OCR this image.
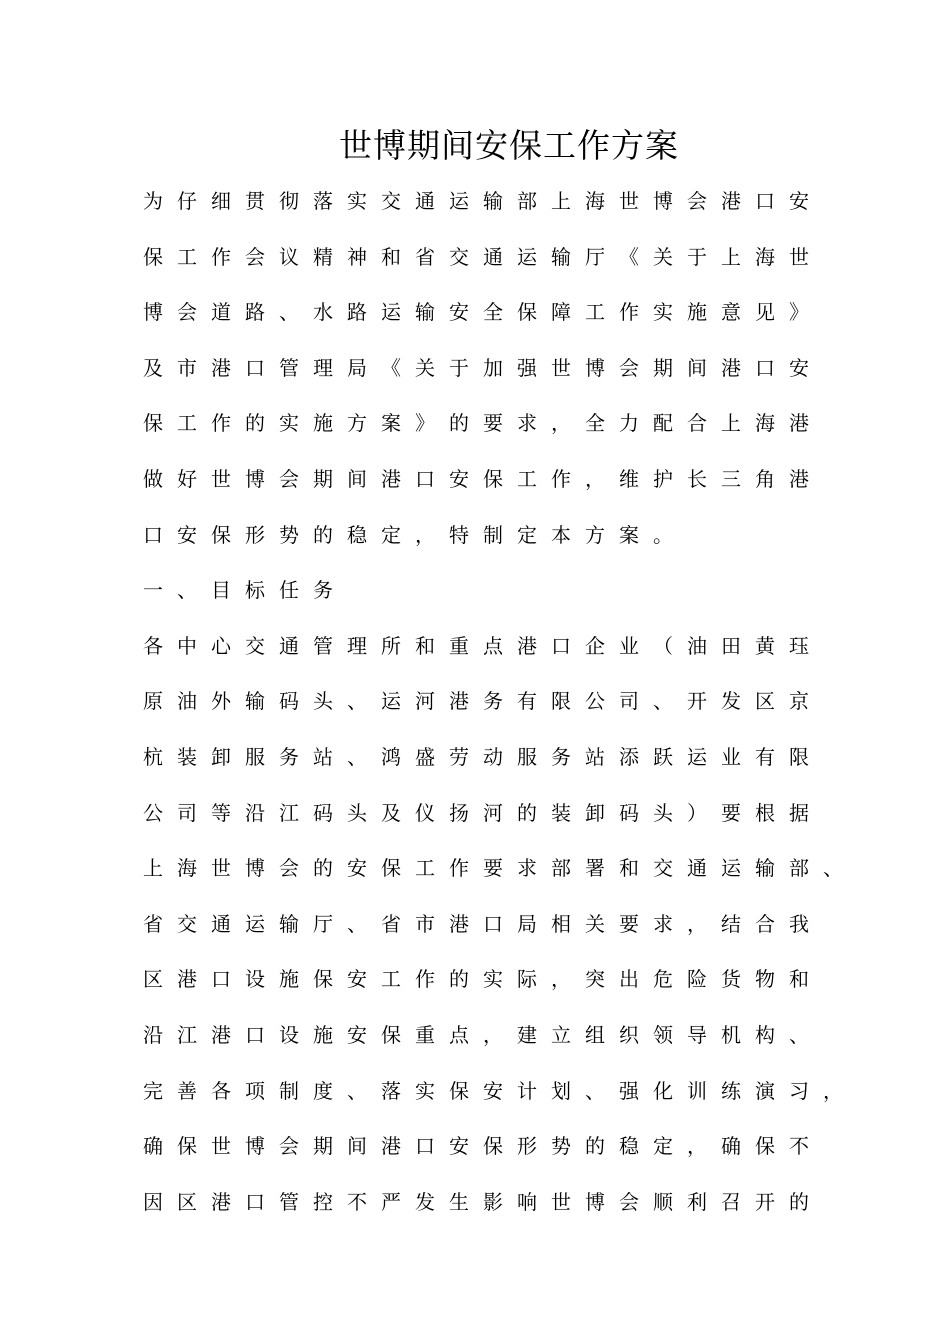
世博期间安保工作方案
为仔细贯彻落实交通运输部上海世博会港口安
保工作会议精神和省交通运输厅《关于上海世
博会道路、水路运输安全保障工作实施意见》
及市港口管理局《关于加强世博会期间港口安
保工作的实施方案》的要求，全力配合上海港
做好世博会期间港口安保工作，维护长三角港
口安保形势的稳定，特制定本方案。
一、目标任务
各中心交通管理所和重点港口企业（油田黄珏
原油外输码头、运河港务有限公司、开发区京
杭装卸服务站、鸿盛劳动服务站添跃运业有限
公司等沿江码头及仪扬河的装卸码头）要根据
上海世博会的安保工作要求部署和交通运输部、
省交通运输厅、省市港口局相关要求，结合我
区港口设施保安工作的实际，突出危险货物和
沿江港口设施安保重点，建立组织领导机构、
完善各项制度、落实保安计划、强化训练演习，
确保世博会期间港口安保形势的稳定，确保不
因区港口管控不严发生影响世博会顺利召开的
